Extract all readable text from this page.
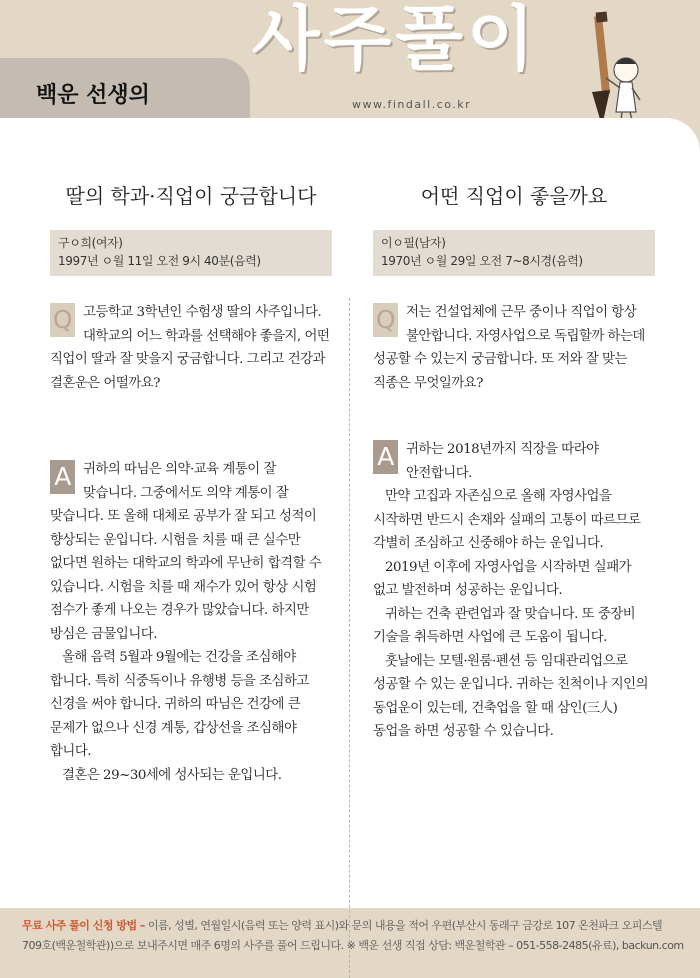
백운 선생의
사주풀이
www.findall.co.kr
딸의 학과·직업이 궁금합니다
구ㅇ희(여자)
1997년 ㅇ월 11일 오전 9시 40분(음력)
Q 고등학교 3학년인 수험생 딸의 사주입니다. 대학교의 어느 학과를 선택해야 좋을지, 어떤 직업이 딸과 잘 맞을지 궁금합니다. 그리고 건강과 결혼운은 어떨까요?

A 귀하의 따님은 의약·교육 계통이 잘 맞습니다. 그중에서도 의약 계통이 잘 맞습니다. 또 올해 대체로 공부가 잘 되고 성적이 향상되는 운입니다. 시험을 치를 때 큰 실수만 없다면 원하는 대학교의 학과에 무난히 합격할 수 있습니다. 시험을 치를 때 재수가 있어 항상 시험 점수가 좋게 나오는 경우가 많았습니다. 하지만 방심은 금물입니다.

올해 음력 5월과 9월에는 건강을 조심해야 합니다. 특히 식중독이나 유행병 등을 조심하고 신경을 써야 합니다. 귀하의 따님은 건강에 큰 문제가 없으나 신경 계통, 갑상선을 조심해야 합니다.

결혼은 29~30세에 성사되는 운입니다.

어떤 직업이 좋을까요
이ㅇ필(남자)
1970년 ㅇ월 29일 오전 7~8시경(음력)
Q 저는 건설업체에 근무 중이나 직업이 항상 불안합니다. 자영사업으로 독립할까 하는데 성공할 수 있는지 궁금합니다. 또 저와 잘 맞는 직종은 무엇일까요?

A 귀하는 2018년까지 직장을 따라야 안전합니다.

만약 고집과 자존심으로 올해 자영사업을 시작하면 반드시 손재와 실패의 고통이 따르므로 각별히 조심하고 신중해야 하는 운입니다.

2019년 이후에 자영사업을 시작하면 실패가 없고 발전하며 성공하는 운입니다.

귀하는 건축 관련업과 잘 맞습니다. 또 중장비 기술을 취득하면 사업에 큰 도움이 됩니다.

훗날에는 모텔·원룸·펜션 등 임대관리업으로 성공할 수 있는 운입니다. 귀하는 친척이나 지인의 동업운이 있는데, 건축업을 할 때 삼인(三人) 동업을 하면 성공할 수 있습니다.

무료 사주 풀이 신청 방법 – 이름, 성별, 연월일시(음력 또는 양력 표시)와 문의 내용을 적어 우편(부산시 동래구 금강로 107 온천파크 오피스텔 709호(백운철학관))으로 보내주시면 매주 6명의 사주를 풀어 드립니다. ※ 백운 선생 직접 상담: 백운철학관 – 051-558-2485(유료), backun.com
